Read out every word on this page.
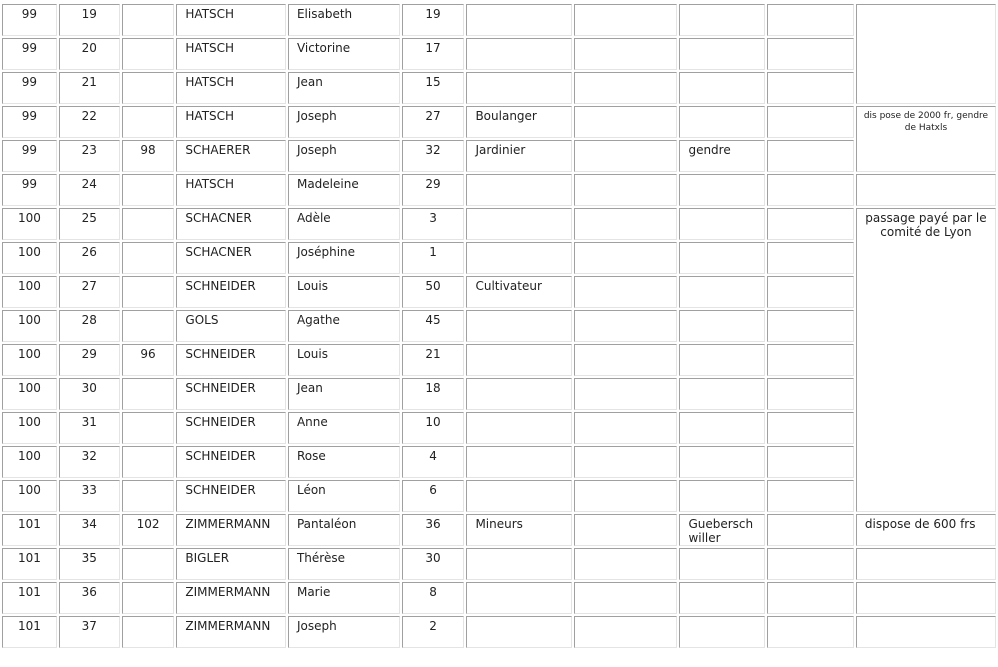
99	19		HATSCH	Elisabeth	19					

99	20		HATSCH	Victorine	17					

99	21		HATSCH	Jean	15					

99	22		HATSCH	Joseph	27	Boulanger				dis pose de 2000 fr, gendre de Hatxls

99	23	98	SCHAERER	Joseph	32	Jardinier		gendre		

99	24		HATSCH	Madeleine	29					

100	25		SCHACNER	Adèle	3					passage payé par le comité de Lyon

100	26		SCHACNER	Joséphine	1					

100	27		SCHNEIDER	Louis	50	Cultivateur				

100	28		GOLS	Agathe	45					

100	29	96	SCHNEIDER	Louis	21					

100	30		SCHNEIDER	Jean	18					

100	31		SCHNEIDER	Anne	10					

100	32		SCHNEIDER	Rose	4					

100	33		SCHNEIDER	Léon	6					

101	34	102	ZIMMERMANN	Pantaléon	36	Mineurs		Guebersch willer		dispose de 600 frs

101	35		BIGLER	Thérèse	30					

101	36		ZIMMERMANN	Marie	8					

101	37		ZIMMERMANN	Joseph	2					
